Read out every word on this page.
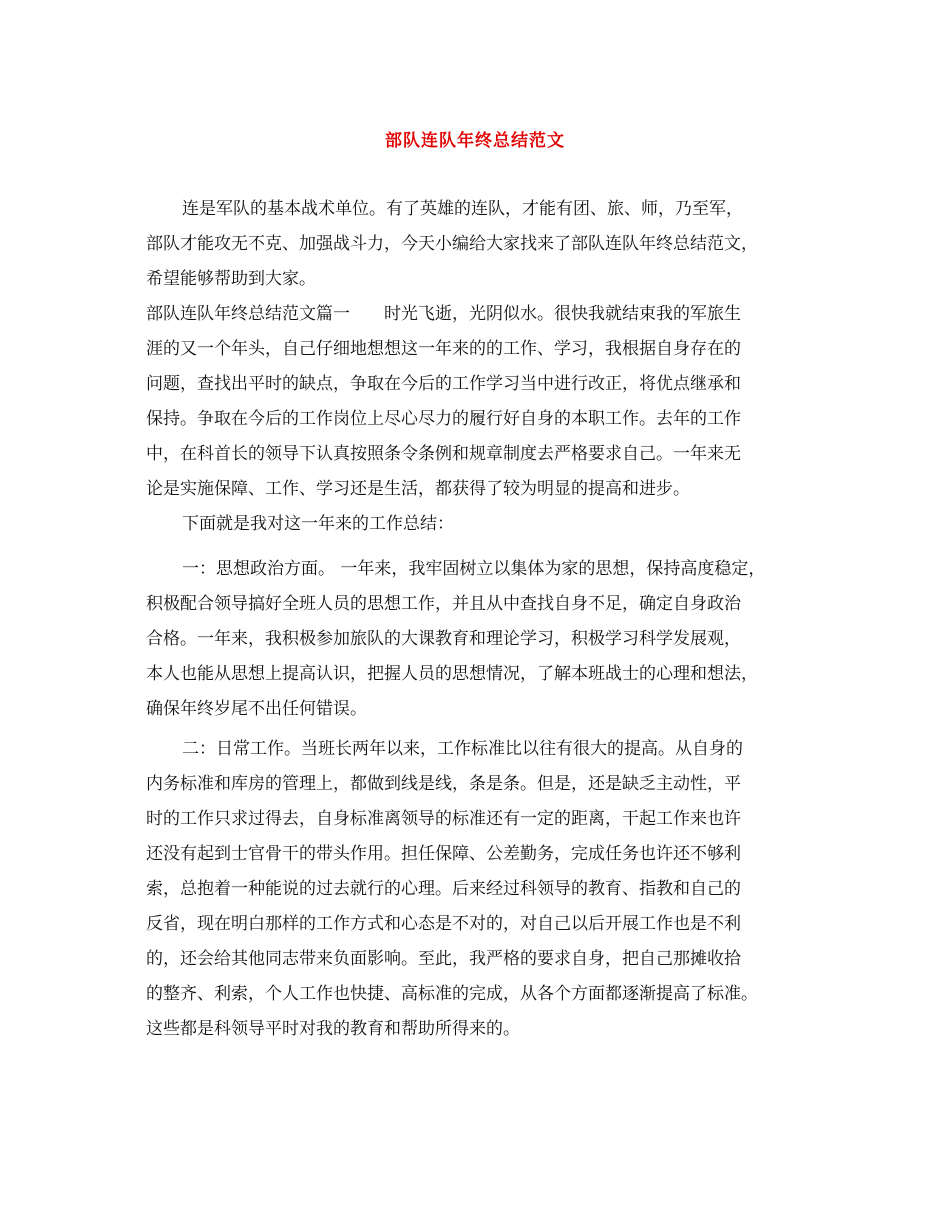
部队连队年终总结范文
连是军队的基本战术单位。有了英雄的连队，才能有团、旅、师，乃至军，
部队才能攻无不克、加强战斗力，今天小编给大家找来了部队连队年终总结范文，
希望能够帮助到大家。
部队连队年终总结范文篇一　　时光飞逝，光阴似水。很快我就结束我的军旅生
涯的又一个年头，自己仔细地想想这一年来的的工作、学习，我根据自身存在的
问题，查找出平时的缺点，争取在今后的工作学习当中进行改正，将优点继承和
保持。争取在今后的工作岗位上尽心尽力的履行好自身的本职工作。去年的工作
中，在科首长的领导下认真按照条令条例和规章制度去严格要求自己。一年来无
论是实施保障、工作、学习还是生活，都获得了较为明显的提高和进步。
下面就是我对这一年来的工作总结：
一：思想政治方面。 一年来，我牢固树立以集体为家的思想，保持高度稳定，
积极配合领导搞好全班人员的思想工作，并且从中查找自身不足，确定自身政治
合格。一年来，我积极参加旅队的大课教育和理论学习，积极学习科学发展观，
本人也能从思想上提高认识，把握人员的思想情况，了解本班战士的心理和想法，
确保年终岁尾不出任何错误。
二：日常工作。当班长两年以来，工作标准比以往有很大的提高。从自身的
内务标准和库房的管理上，都做到线是线，条是条。但是，还是缺乏主动性，平
时的工作只求过得去，自身标准离领导的标准还有一定的距离，干起工作来也许
还没有起到士官骨干的带头作用。担任保障、公差勤务，完成任务也许还不够利
索，总抱着一种能说的过去就行的心理。后来经过科领导的教育、指教和自己的
反省，现在明白那样的工作方式和心态是不对的，对自己以后开展工作也是不利
的，还会给其他同志带来负面影响。至此，我严格的要求自身，把自己那摊收拾
的整齐、利索，个人工作也快捷、高标准的完成，从各个方面都逐渐提高了标准。
这些都是科领导平时对我的教育和帮助所得来的。
